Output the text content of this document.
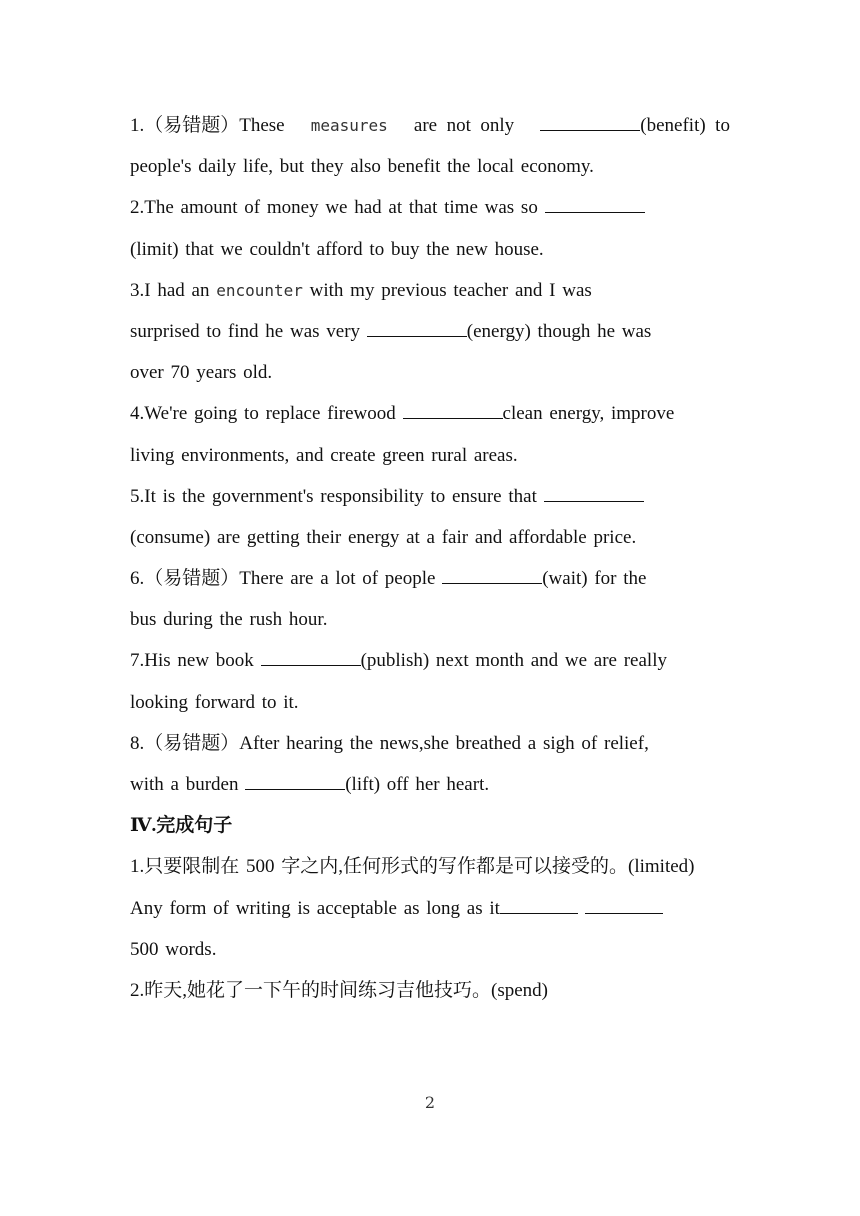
1.（易错题）These measures are  not  only	(benefit)  to
people's daily life, but they also benefit the local economy.
2.The amount of money we had at that time was so
(limit) that we couldn't afford to buy the new house.
3.I had an encounter with my previous teacher and I was
surprised to find he was very	(energy) though he was
over 70 years old.
4.We're going to replace firewood	clean energy, improve
living environments, and create green rural areas.
5.It is the government's responsibility to ensure that
(consume) are getting their energy at a fair and affordable price.
6.（易错题）There are a lot of people	(wait) for the
bus during the rush hour.
7.His new book	(publish) next month and we are really
looking forward to it.
8.（易错题）After hearing the news,she breathed a sigh of relief,
with a burden	(lift) off her heart.
Ⅳ.完成句子
1.只要限制在 500 字之内,任何形式的写作都是可以接受的。(limited)
Any form of writing is acceptable as long as it
500 words.
2.昨天,她花了一下午的时间练习吉他技巧。(spend)
2
